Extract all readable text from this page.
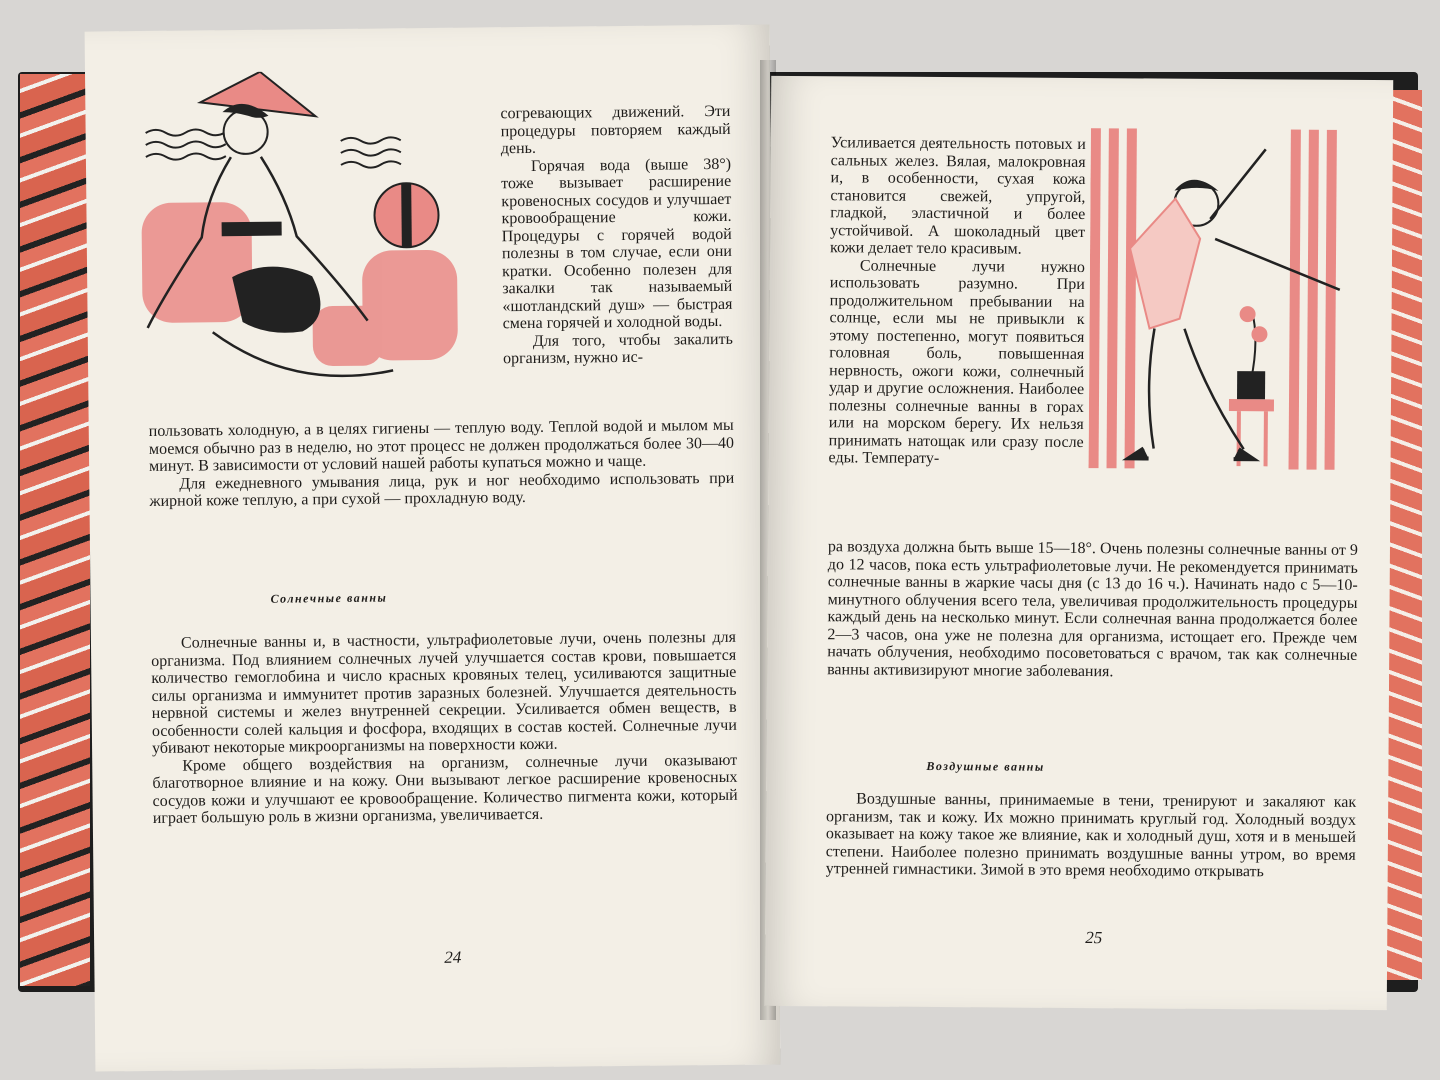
согревающих движений. Эти процедуры повторяем каждый день.

Горячая вода (выше 38°) тоже вызывает расширение кровеносных сосудов и улучшает кровообращение кожи. Процедуры с горячей водой полезны в том случае, если они кратки. Особенно полезен для закалки так называемый «шотландский душ» — быстрая смена горячей и холодной воды.

Для того, чтобы закалить организм, нужно ис-

пользовать холодную, а в целях гигиены — теплую воду. Теплой водой и мылом мы моемся обычно раз в неделю, но этот процесс не должен продолжаться более 30—40 минут. В зависимости от условий нашей работы купаться можно и чаще.

Для ежедневного умывания лица, рук и ног необходимо использовать при жирной коже теплую, а при сухой — прохладную воду.

Солнечные ванны

Солнечные ванны и, в частности, ультрафиолетовые лучи, очень полезны для организма. Под влиянием солнечных лучей улучшается состав крови, повышается количество гемоглобина и число красных кровяных телец, усиливаются защитные силы организма и иммунитет против заразных болезней. Улучшается деятельность нервной системы и желез внутренней секреции. Усиливается обмен веществ, в особенности солей кальция и фосфора, входящих в состав костей. Солнечные лучи убивают некоторые микроорганизмы на поверхности кожи.

Кроме общего воздействия на организм, солнечные лучи оказывают благотворное влияние и на кожу. Они вызывают легкое расширение кровеносных сосудов кожи и улучшают ее кровообращение. Количество пигмента кожи, который играет большую роль в жизни организма, увеличивается.

24

Усиливается деятельность потовых и сальных желез. Вялая, малокровная и, в особенности, сухая кожа становится свежей, упругой, гладкой, эластичной и более устойчивой. А шоколадный цвет кожи делает тело красивым.

Солнечные лучи нужно использовать разумно. При продолжительном пребывании на солнце, если мы не привыкли к этому постепенно, могут появиться головная боль, повышенная нервность, ожоги кожи, солнечный удар и другие осложнения. Наиболее полезны солнечные ванны в горах или на морском берегу. Их нельзя принимать натощак или сразу после еды. Температу-

ра воздуха должна быть выше 15—18°. Очень полезны солнечные ванны от 9 до 12 часов, пока есть ультрафиолетовые лучи. Не рекомендуется принимать солнечные ванны в жаркие часы дня (с 13 до 16 ч.). Начинать надо с 5—10-минутного облучения всего тела, увеличивая продолжительность процедуры каждый день на несколько минут. Если солнечная ванна продолжается более 2—3 часов, она уже не полезна для организма, истощает его. Прежде чем начать облучения, необходимо посоветоваться с врачом, так как солнечные ванны активизируют многие заболевания.

Воздушные ванны

Воздушные ванны, принимаемые в тени, тренируют и закаляют как организм, так и кожу. Их можно принимать круглый год. Холодный воздух оказывает на кожу такое же влияние, как и холодный душ, хотя и в меньшей степени. Наиболее полезно принимать воздушные ванны утром, во время утренней гимнастики. Зимой в это время необходимо открывать

25
